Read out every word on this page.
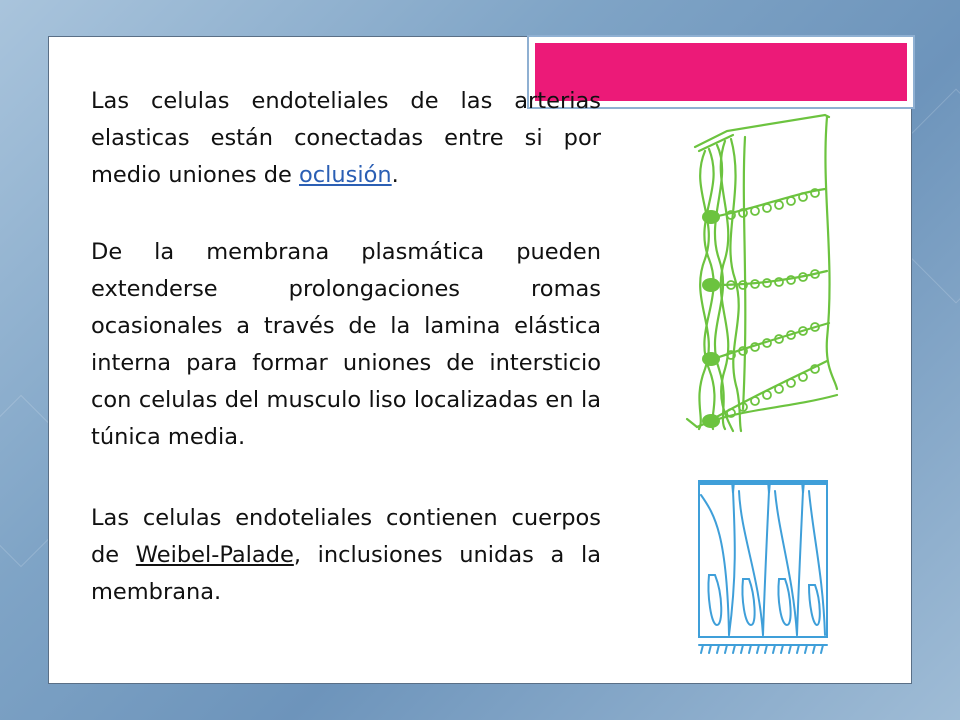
Las celulas endoteliales de las arterias elasticas están conectadas entre si por medio uniones de oclusión.

De la membrana plasmática pueden extenderse prolongaciones romas ocasionales a través de la lamina elástica interna para formar uniones de intersticio con celulas del musculo liso localizadas en la túnica media.

Las celulas endoteliales contienen cuerpos de Weibel-Palade, inclusiones unidas a la membrana.
